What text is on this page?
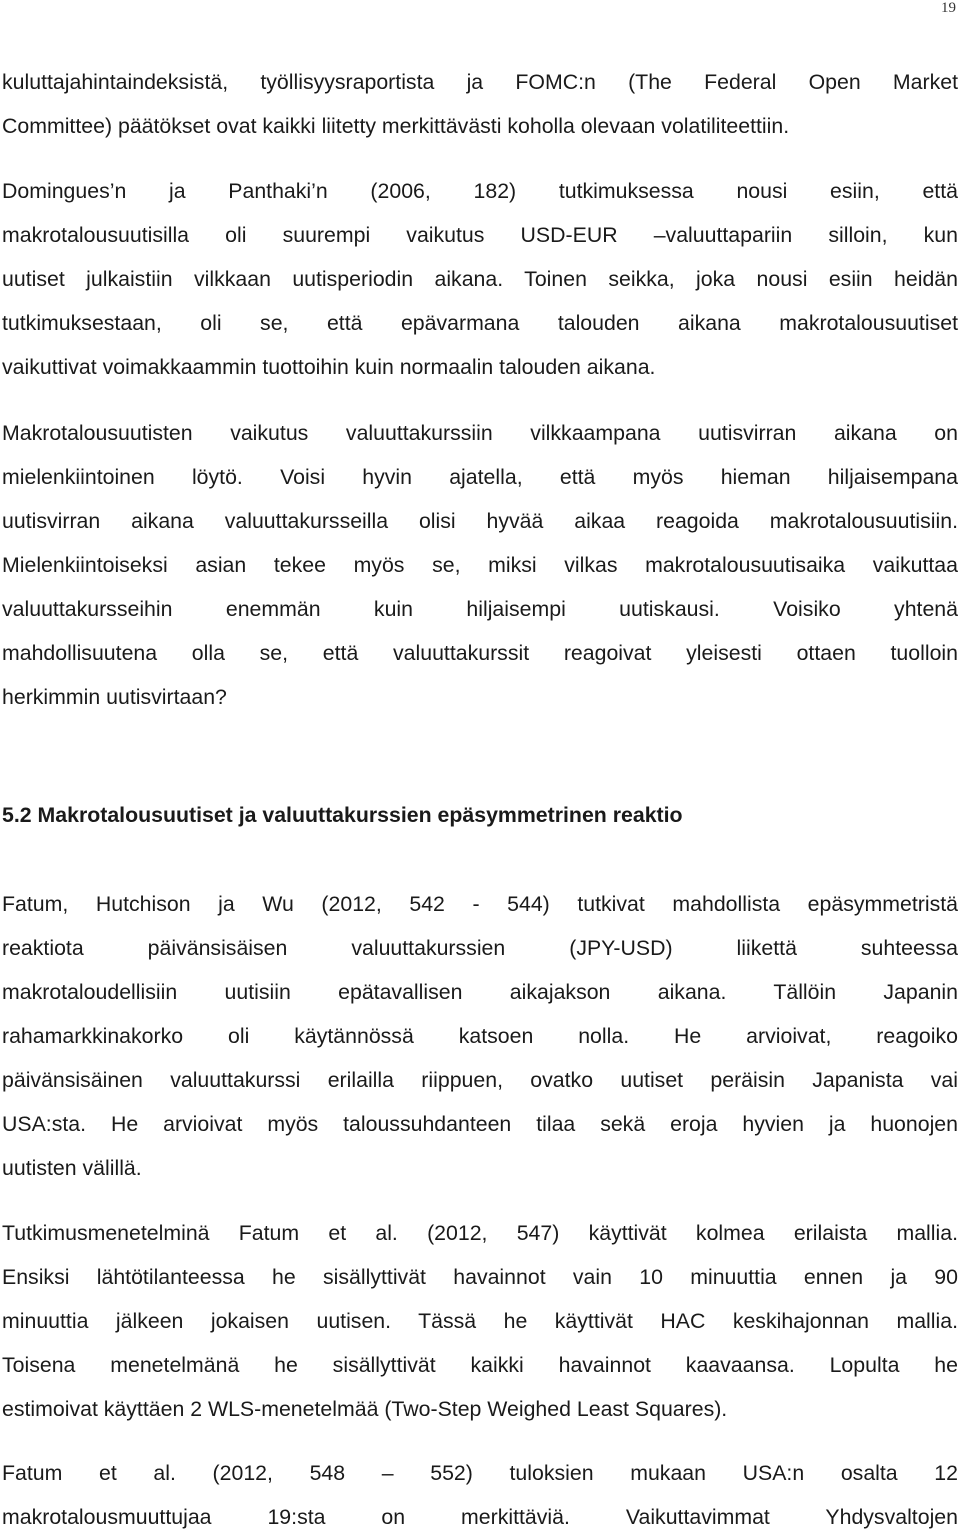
19
kuluttajahintaindeksistä, työllisyysraportista ja FOMC:n (The Federal Open Market
Committee) päätökset ovat kaikki liitetty merkittävästi koholla olevaan volatiliteettiin.
Domingues’n ja Panthaki’n (2006, 182) tutkimuksessa nousi esiin, että
makrotalousuutisilla oli suurempi vaikutus USD-EUR –valuuttapariin silloin, kun
uutiset julkaistiin vilkkaan uutisperiodin aikana. Toinen seikka, joka nousi esiin heidän
tutkimuksestaan, oli se, että epävarmana talouden aikana makrotalousuutiset
vaikuttivat voimakkaammin tuottoihin kuin normaalin talouden aikana.
Makrotalousuutisten vaikutus valuuttakurssiin vilkkaampana uutisvirran aikana on
mielenkiintoinen löytö. Voisi hyvin ajatella, että myös hieman hiljaisempana
uutisvirran aikana valuuttakursseilla olisi hyvää aikaa reagoida makrotalousuutisiin.
Mielenkiintoiseksi asian tekee myös se, miksi vilkas makrotalousuutisaika vaikuttaa
valuuttakursseihin enemmän kuin hiljaisempi uutiskausi. Voisiko yhtenä
mahdollisuutena olla se, että valuuttakurssit reagoivat yleisesti ottaen tuolloin
herkimmin uutisvirtaan?
5.2 Makrotalousuutiset ja valuuttakurssien epäsymmetrinen reaktio
Fatum, Hutchison ja Wu (2012, 542 - 544) tutkivat mahdollista epäsymmetristä
reaktiota päivänsisäisen valuuttakurssien (JPY-USD) liikettä suhteessa
makrotaloudellisiin uutisiin epätavallisen aikajakson aikana. Tällöin Japanin
rahamarkkinakorko oli käytännössä katsoen nolla. He arvioivat, reagoiko
päivänsisäinen valuuttakurssi erilailla riippuen, ovatko uutiset peräisin Japanista vai
USA:sta. He arvioivat myös taloussuhdanteen tilaa sekä eroja hyvien ja huonojen
uutisten välillä.
Tutkimusmenetelminä Fatum et al. (2012, 547) käyttivät kolmea erilaista mallia.
Ensiksi lähtötilanteessa he sisällyttivät havainnot vain 10 minuuttia ennen ja 90
minuuttia jälkeen jokaisen uutisen. Tässä he käyttivät HAC keskihajonnan mallia.
Toisena menetelmänä he sisällyttivät kaikki havainnot kaavaansa. Lopulta he
estimoivat käyttäen 2 WLS-menetelmää (Two-Step Weighed Least Squares).
Fatum et al. (2012, 548 – 552) tuloksien mukaan USA:n osalta 12
makrotalousmuuttujaa 19:sta on merkittäviä. Vaikuttavimmat Yhdysvaltojen
